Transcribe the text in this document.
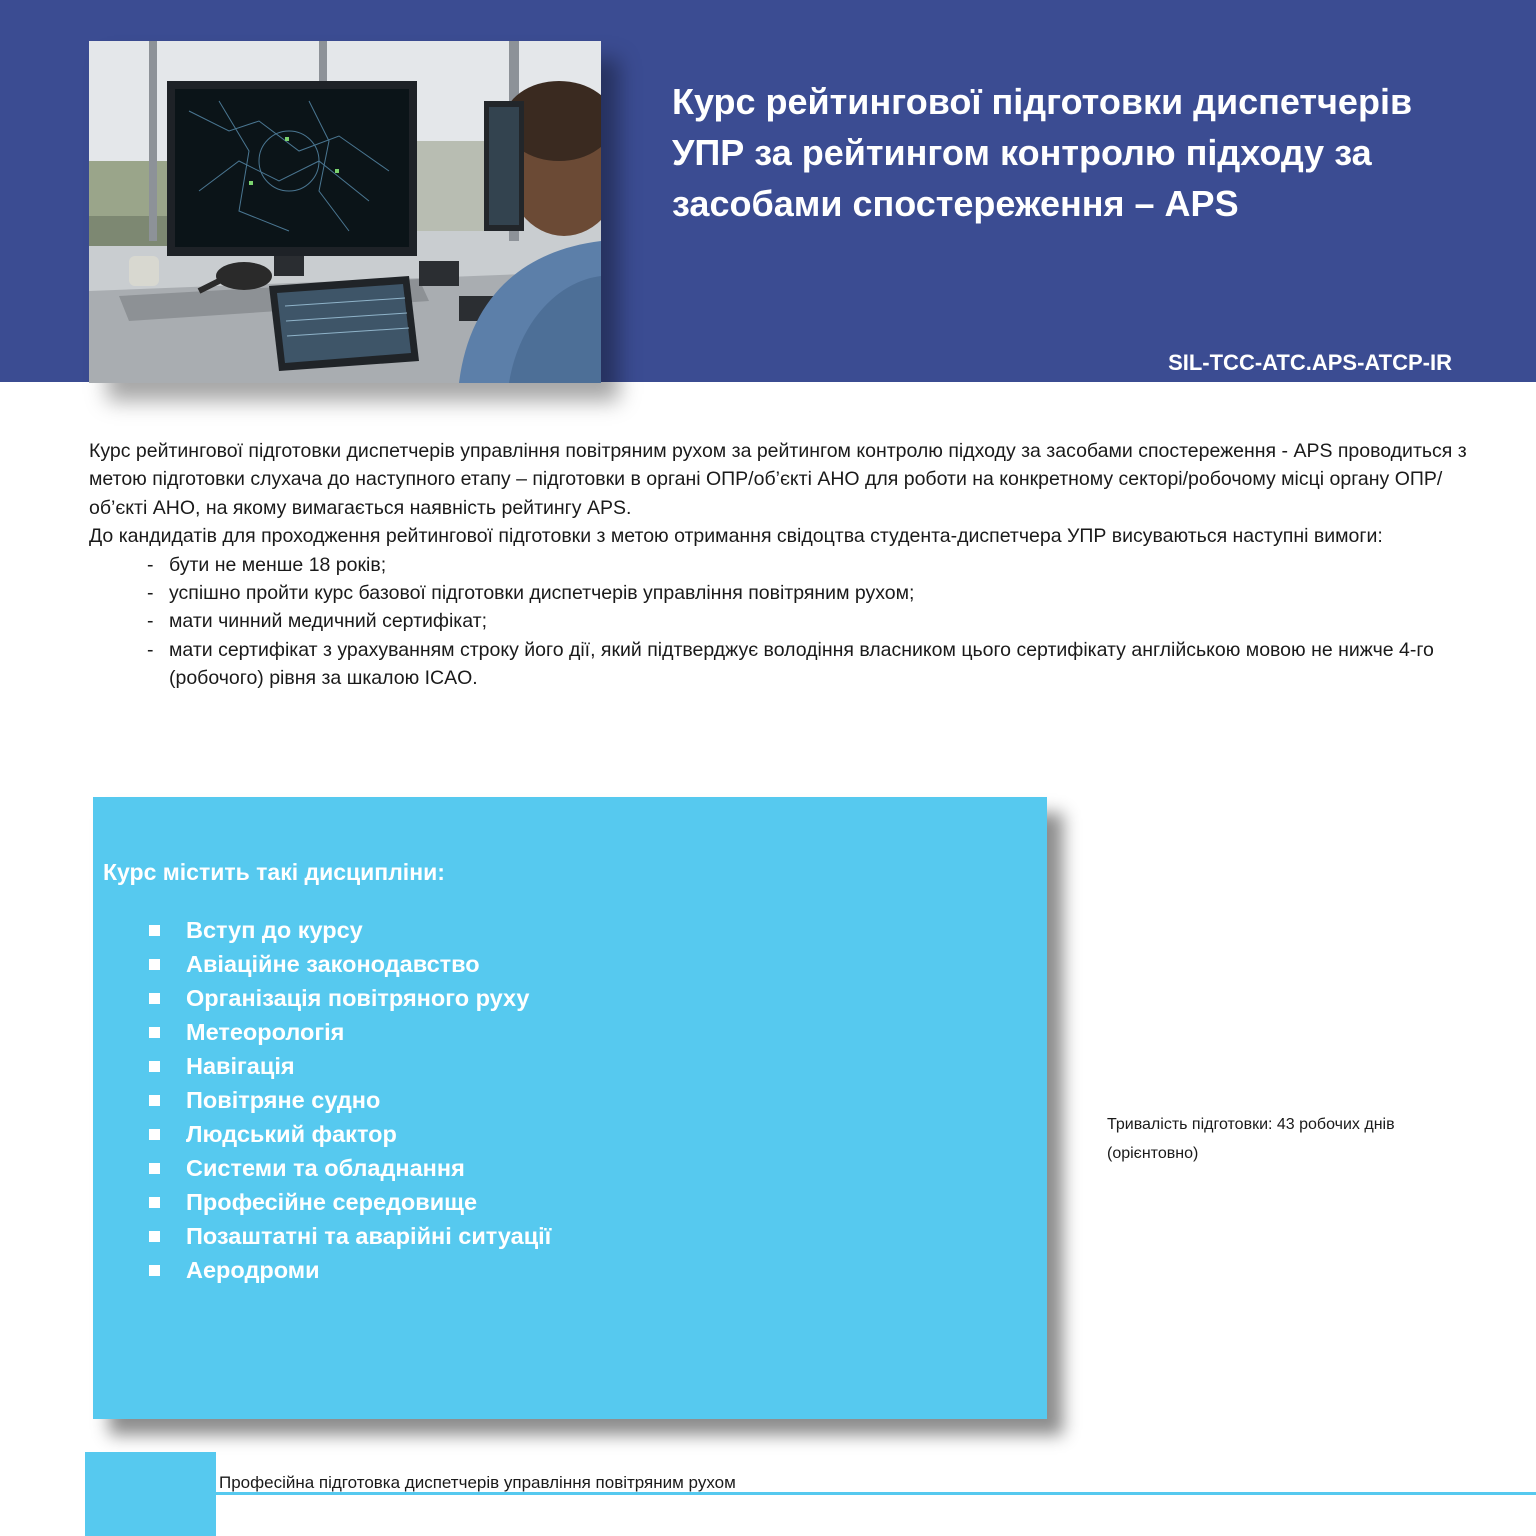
Курс рейтингової підготовки диспетчерів УПР за рейтингом контролю підходу за засобами спостереження – APS
SIL-TCC-ATC.APS-ATCP-IR

Курс рейтингової підготовки диспетчерів управління повітряним рухом за рейтингом контролю підходу за засобами спостереження - APS проводиться з метою підготовки слухача до наступного етапу – підготовки в органі ОПР/об’єкті АНО для роботи на конкретному секторі/робочому місці органу ОПР/об’єкті АНО, на якому вимагається наявність рейтингу APS.

До кандидатів для проходження рейтингової підготовки з метою отримання свідоцтва студента-диспетчера УПР висуваються наступні вимоги:

- бути не менше 18 років;
- успішно пройти курс базової підготовки диспетчерів управління повітряним рухом;
- мати чинний медичний сертифікат;
- мати сертифікат з урахуванням строку його дії, який підтверджує володіння власником цього сертифікату англійською мовою не нижче 4-го (робочого) рівня за шкалою ICAO.
Курс містить такі дисципліни:
Вступ до курсу
Авіаційне законодавство
Організація повітряного руху
Метеорологія
Навігація
Повітряне судно
Людський фактор
Системи та обладнання
Професійне середовище
Позаштатні та аварійні ситуації
Аеродроми
Тривалість підготовки: 43 робочих днів (орієнтовно)
Професійна підготовка диспетчерів управління повітряним рухом
